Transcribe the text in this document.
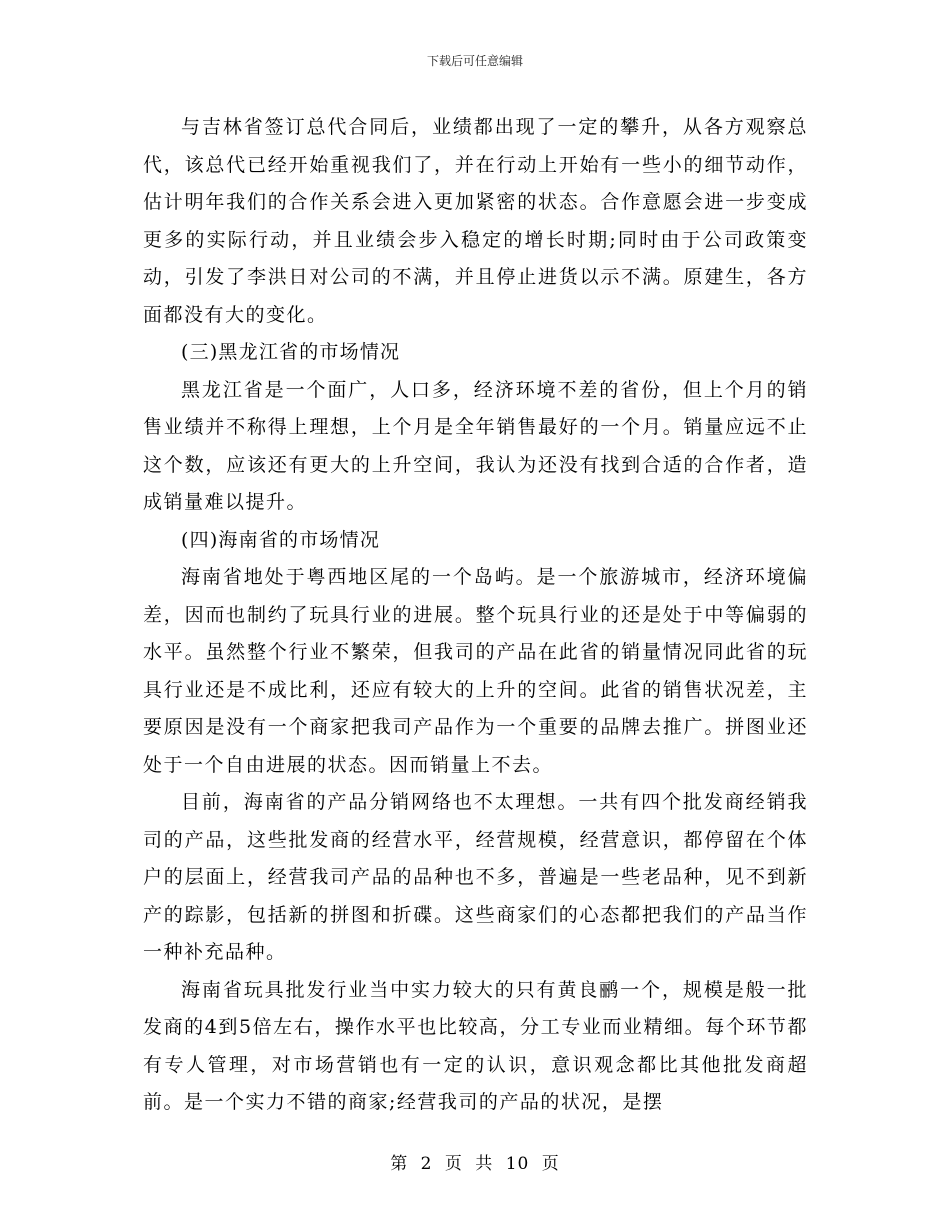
下载后可任意编辑

与吉林省签订总代合同后，业绩都出现了一定的攀升，从各方观察总代，该总代已经开始重视我们了，并在行动上开始有一些小的细节动作，估计明年我们的合作关系会进入更加紧密的状态。合作意愿会进一步变成更多的实际行动，并且业绩会步入稳定的增长时期;同时由于公司政策变动，引发了李洪日对公司的不满，并且停止进货以示不满。原建生，各方面都没有大的变化。

(三)黑龙江省的市场情况

黑龙江省是一个面广，人口多，经济环境不差的省份，但上个月的销售业绩并不称得上理想，上个月是全年销售最好的一个月。销量应远不止这个数，应该还有更大的上升空间，我认为还没有找到合适的合作者，造成销量难以提升。

(四)海南省的市场情况

海南省地处于粤西地区尾的一个岛屿。是一个旅游城市，经济环境偏差，因而也制约了玩具行业的进展。整个玩具行业的还是处于中等偏弱的水平。虽然整个行业不繁荣，但我司的产品在此省的销量情况同此省的玩具行业还是不成比利，还应有较大的上升的空间。此省的销售状况差，主要原因是没有一个商家把我司产品作为一个重要的品牌去推广。拼图业还处于一个自由进展的状态。因而销量上不去。

目前，海南省的产品分销网络也不太理想。一共有四个批发商经销我司的产品，这些批发商的经营水平，经营规模，经营意识，都停留在个体户的层面上，经营我司产品的品种也不多，普遍是一些老品种，见不到新产的踪影，包括新的拼图和折碟。这些商家们的心态都把我们的产品当作一种补充品种。

海南省玩具批发行业当中实力较大的只有黄良鹂一个，规模是般一批发商的4到5倍左右，操作水平也比较高，分工专业而业精细。每个环节都有专人管理，对市场营销也有一定的认识，意识观念都比其他批发商超前。是一个实力不错的商家;经营我司的产品的状况，是摆

第 2 页 共 10 页
